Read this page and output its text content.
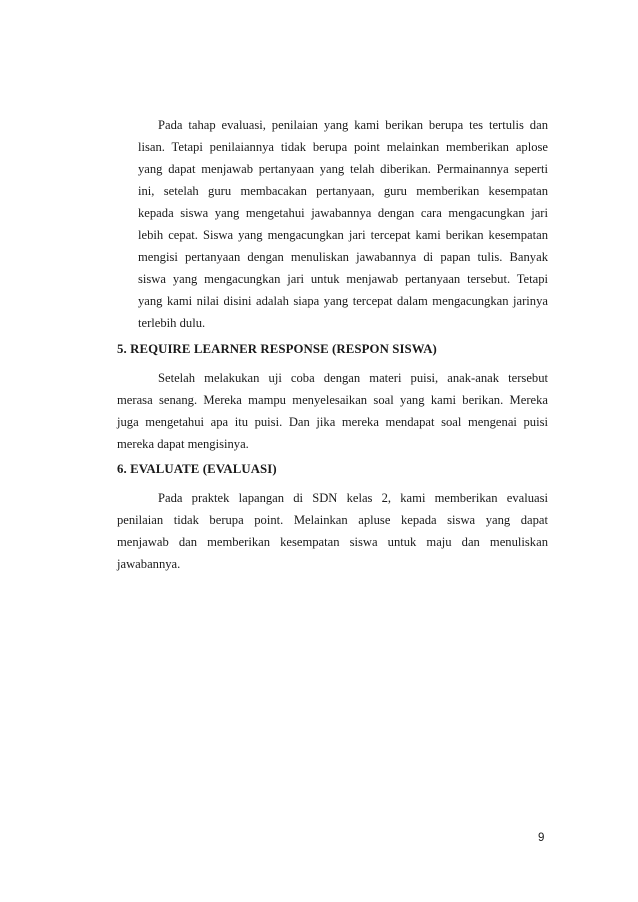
Pada tahap evaluasi, penilaian yang kami berikan berupa tes tertulis dan
lisan. Tetapi penilaiannya tidak berupa point melainkan memberikan aplose
yang dapat menjawab pertanyaan yang telah diberikan. Permainannya seperti
ini, setelah guru membacakan pertanyaan, guru memberikan kesempatan
kepada siswa yang mengetahui jawabannya dengan cara mengacungkan jari
lebih cepat. Siswa yang mengacungkan jari tercepat kami berikan kesempatan
mengisi pertanyaan dengan menuliskan jawabannya di papan tulis. Banyak
siswa yang mengacungkan jari untuk menjawab pertanyaan tersebut. Tetapi
yang kami nilai disini adalah siapa yang tercepat dalam mengacungkan jarinya
terlebih dulu.
5. REQUIRE LEARNER RESPONSE (RESPON SISWA)
Setelah melakukan uji coba dengan materi puisi, anak-anak tersebut
merasa senang. Mereka mampu menyelesaikan soal yang kami berikan. Mereka
juga mengetahui apa itu puisi. Dan jika mereka mendapat soal mengenai puisi
mereka dapat mengisinya.
6. EVALUATE (EVALUASI)
Pada praktek lapangan di SDN kelas 2, kami memberikan evaluasi
penilaian tidak berupa point. Melainkan apluse kepada siswa yang dapat
menjawab dan memberikan kesempatan siswa untuk maju dan menuliskan
jawabannya.
9
